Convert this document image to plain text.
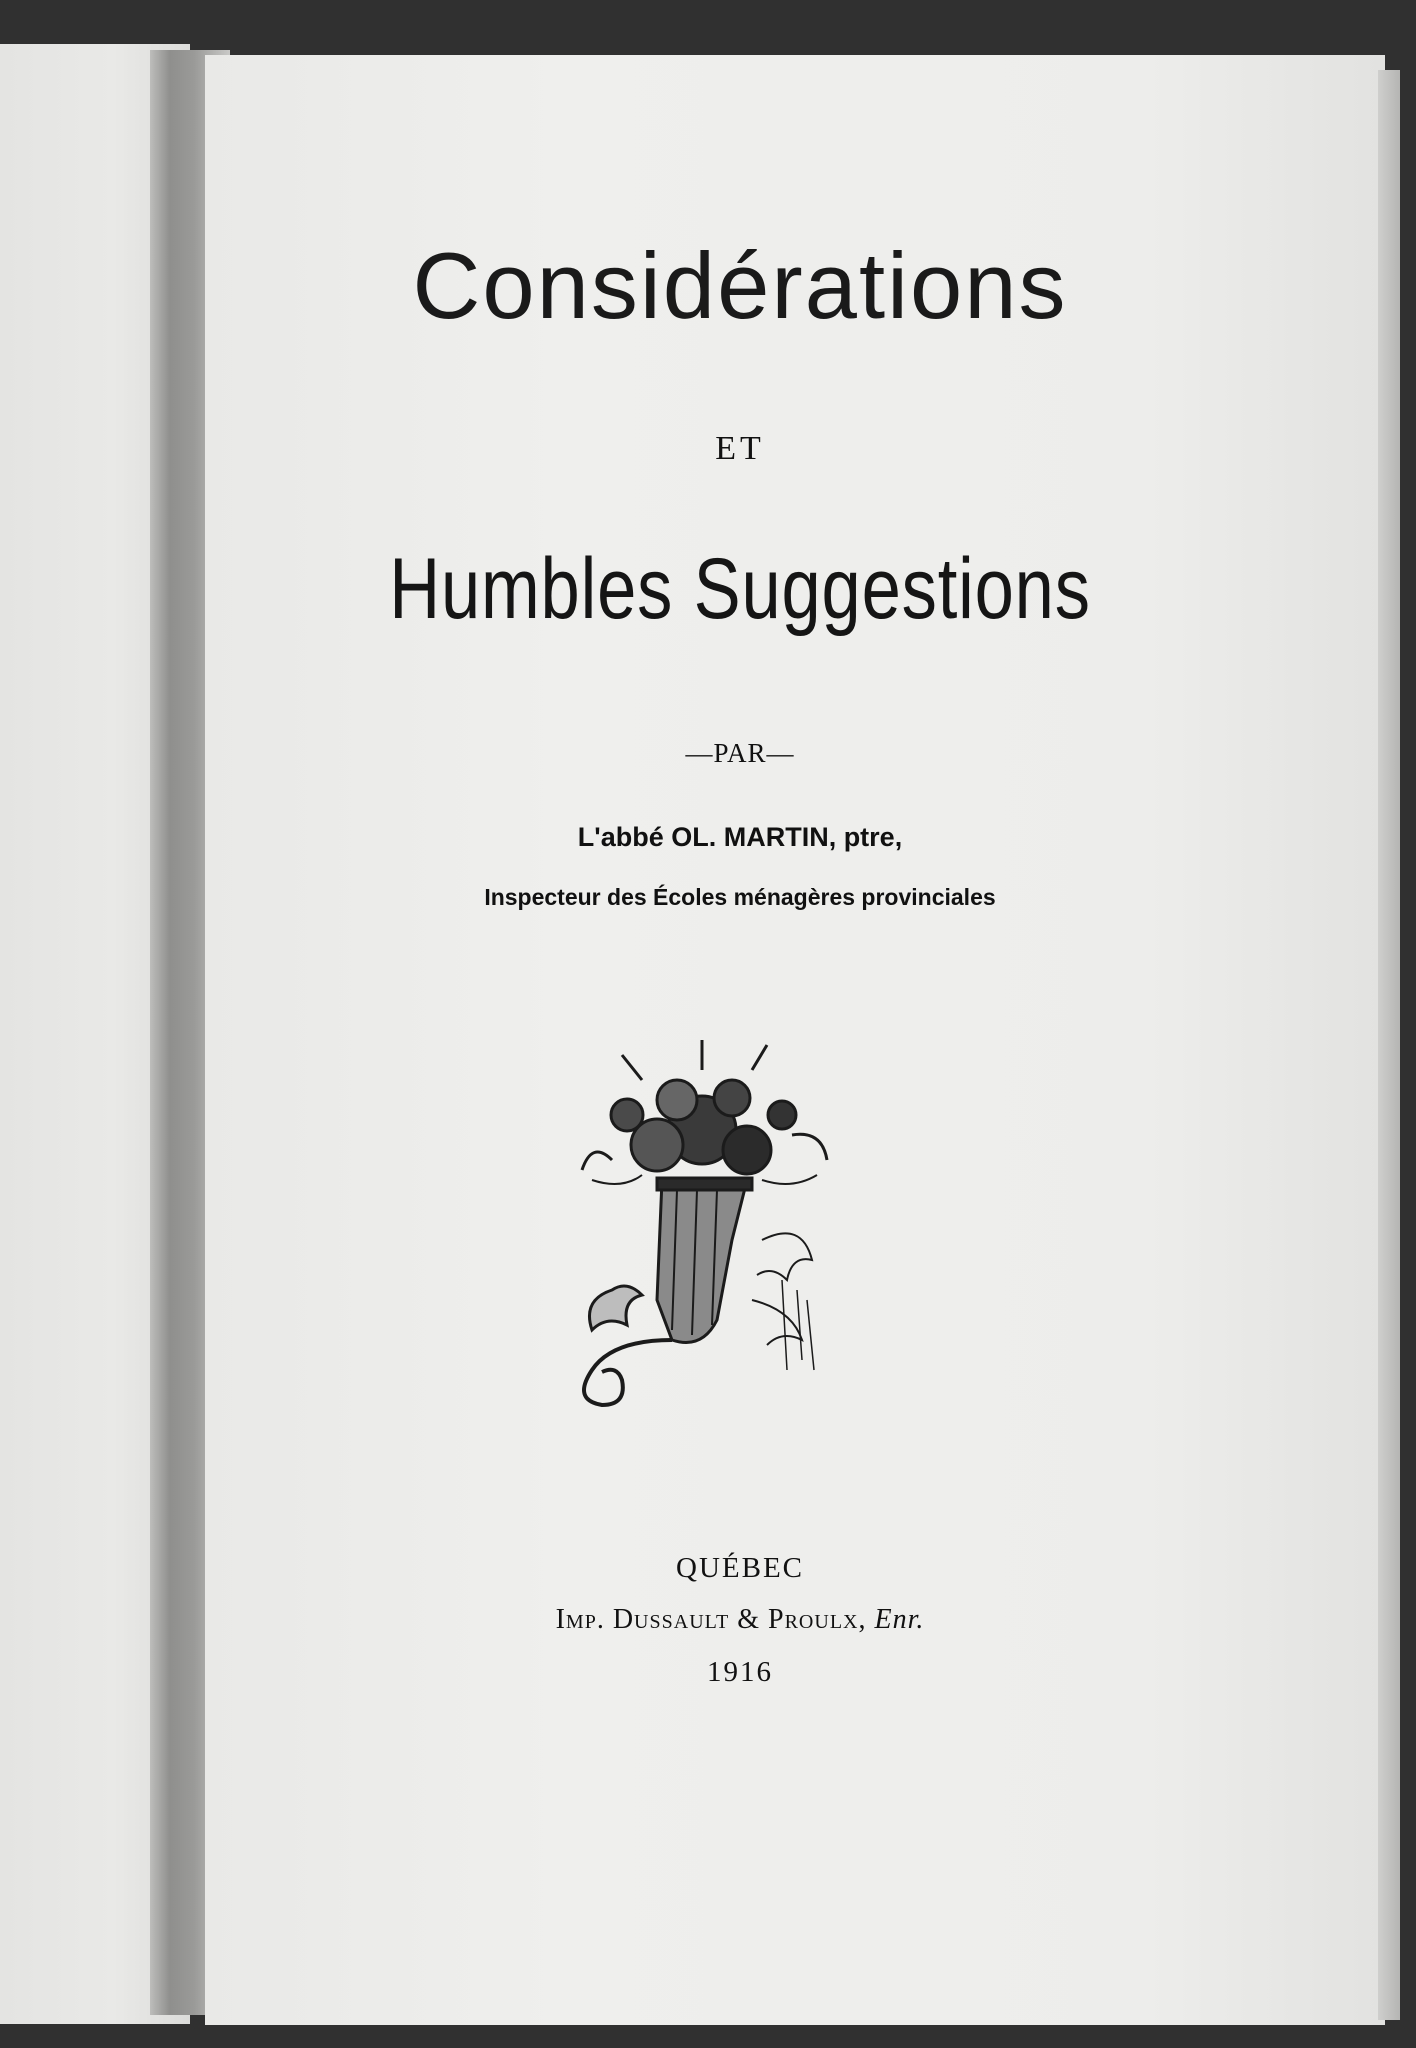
Considérations
ET
Humbles Suggestions
—PAR—
L'abbé OL. MARTIN, ptre,
Inspecteur des Écoles ménagères provinciales
QUÉBEC
Imp. Dussault & Proulx, Enr.
1916
